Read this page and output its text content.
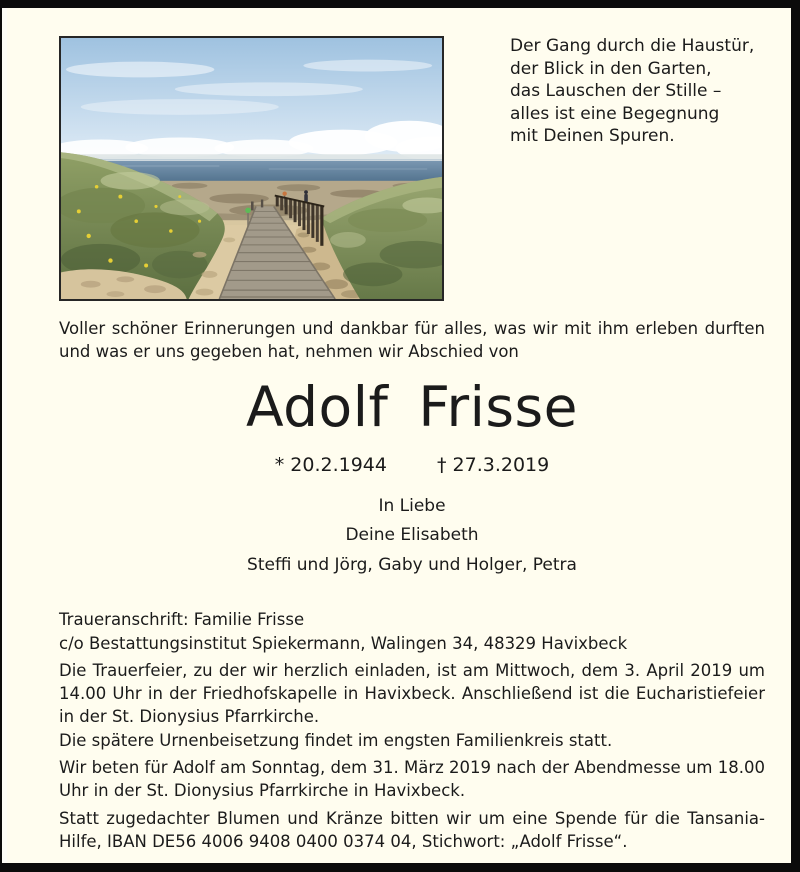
Der Gang durch die Haustür,
der Blick in den Garten,
das Lauschen der Stille –
alles ist eine Begegnung
mit Deinen Spuren.
Voller schöner Erinnerungen und dankbar für alles, was wir mit ihm erleben durften und was er uns gegeben hat, nehmen wir Abschied von
Adolf Frisse
* 20.2.1944	† 27.3.2019
In Liebe
Deine Elisabeth
Steffi und Jörg, Gaby und Holger, Petra
Traueranschrift: Familie Frisse
c/o Bestattungsinstitut Spiekermann, Walingen 34, 48329 Havixbeck
Die Trauerfeier, zu der wir herzlich einladen, ist am Mittwoch, dem 3. April 2019 um 14.00 Uhr in der Friedhofskapelle in Havixbeck. Anschließend ist die Eucharistiefeier in der St. Dionysius Pfarrkirche.
Die spätere Urnenbeisetzung findet im engsten Familienkreis statt.
Wir beten für Adolf am Sonntag, dem 31. März 2019 nach der Abendmesse um 18.00 Uhr in der St. Dionysius Pfarrkirche in Havixbeck.
Statt zugedachter Blumen und Kränze bitten wir um eine Spende für die Tansania-Hilfe, IBAN DE56 4006 9408 0400 0374 04, Stichwort: „Adolf Frisse“.
